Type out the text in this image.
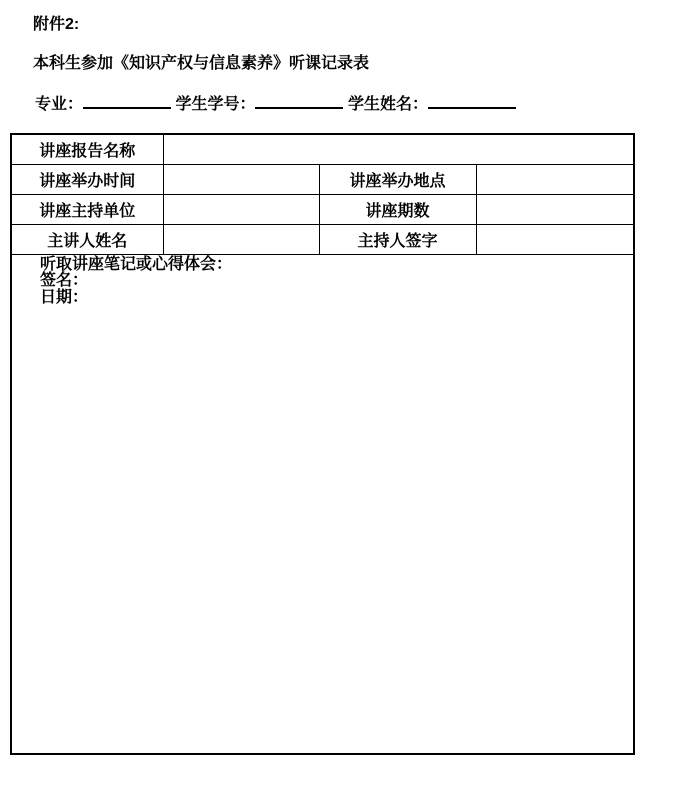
附件2:
本科生参加《知识产权与信息素养》听课记录表
专业：	学生学号：	学生姓名：
讲座报告名称			
讲座举办时间		讲座举办地点	
讲座主持单位		讲座期数	
主讲人姓名		主持人签字	

听取讲座笔记或心得体会：
签名：
日期：			
